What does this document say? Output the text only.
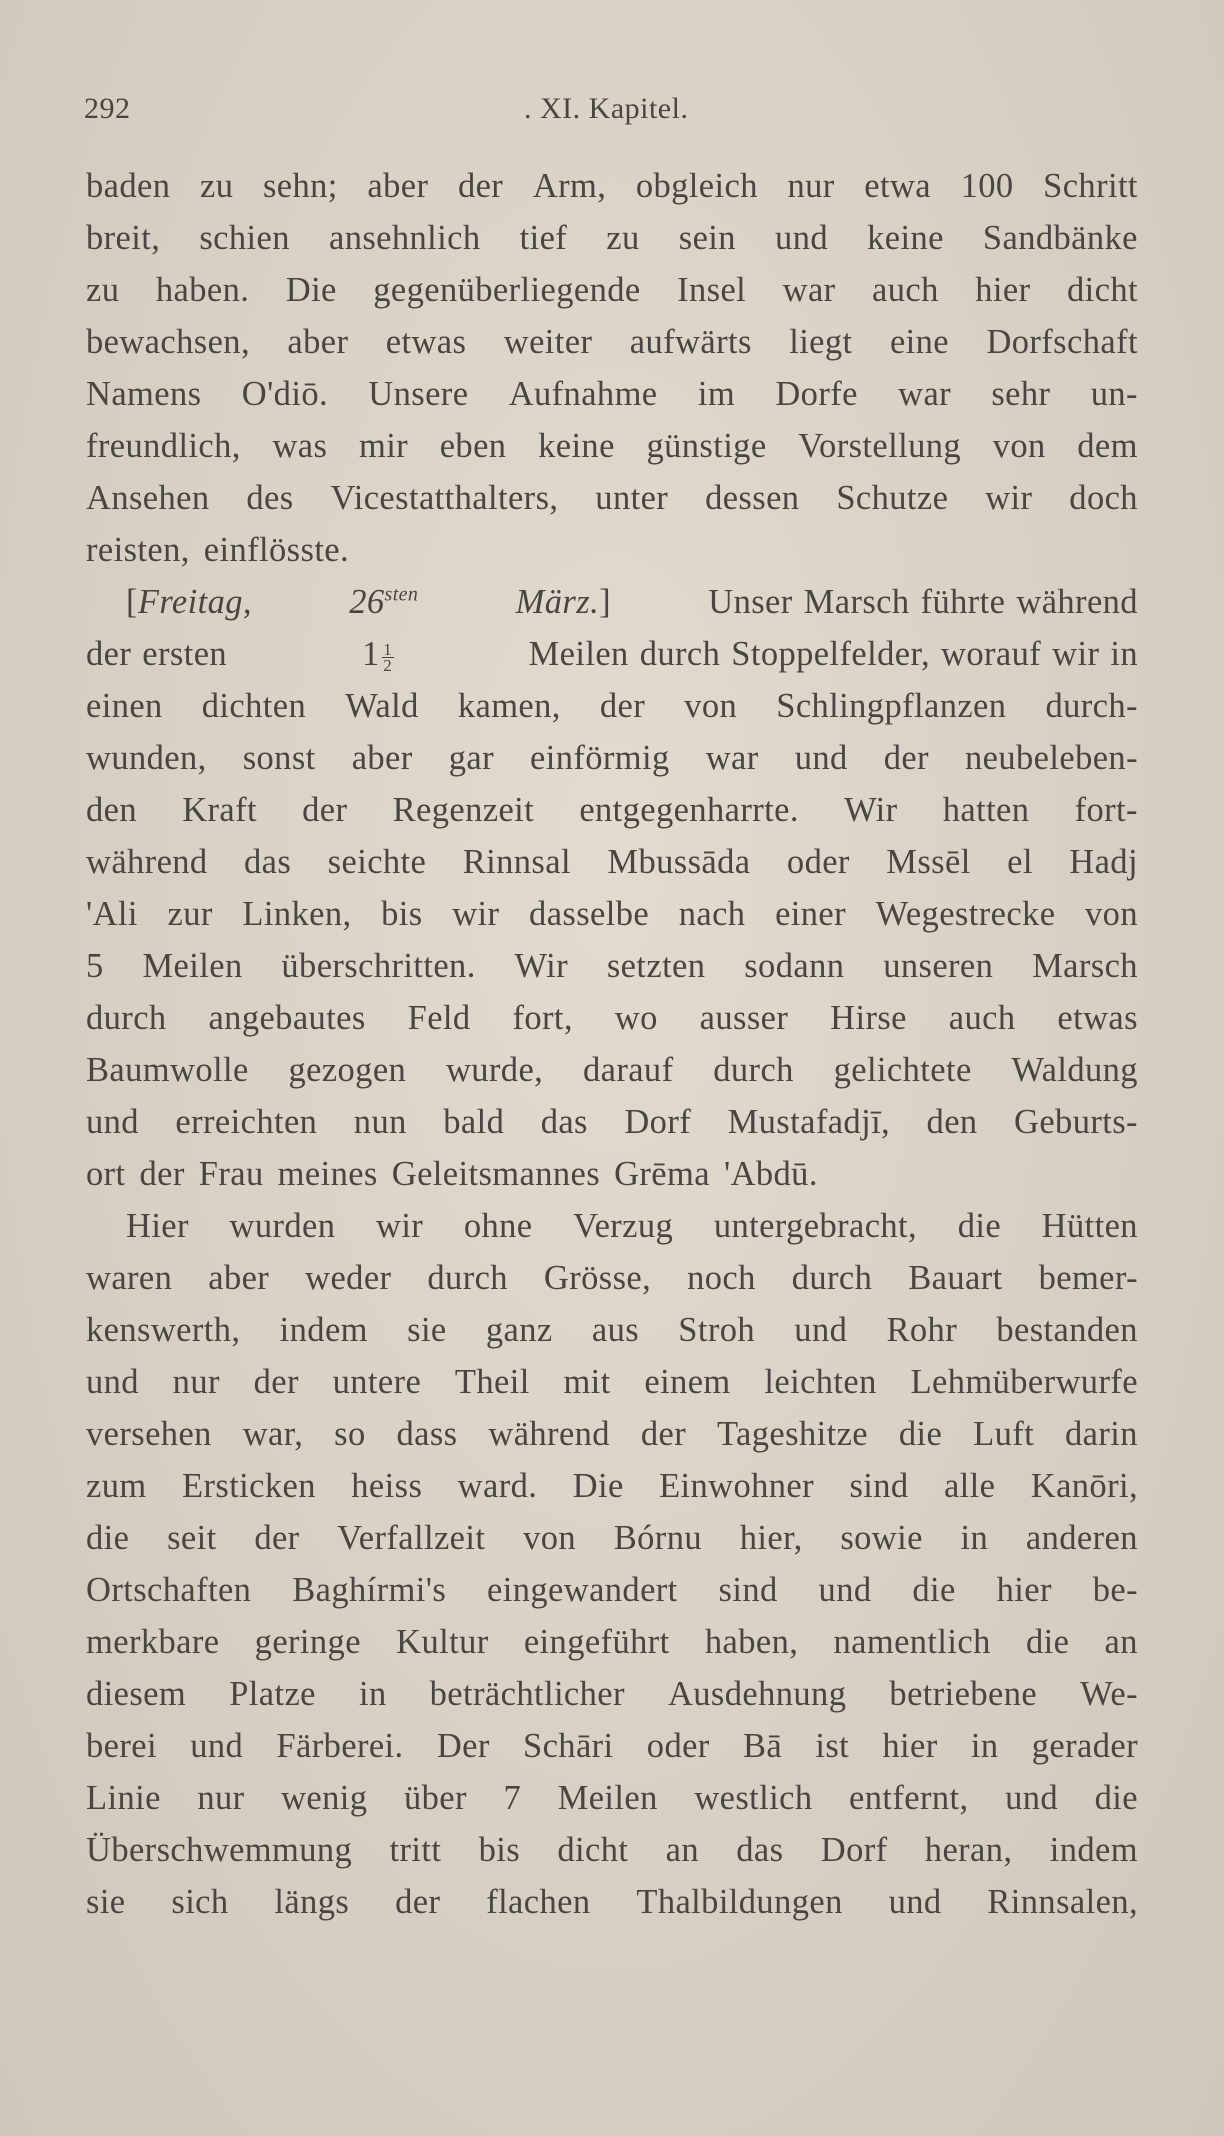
292	. XI. Kapitel.
baden zu sehn; aber der Arm, obgleich nur etwa 100 Schritt
breit, schien ansehnlich tief zu sein und keine Sandbänke
zu haben. Die gegenüberliegende Insel war auch hier dicht
bewachsen, aber etwas weiter aufwärts liegt eine Dorfschaft
Namens O'diō. Unsere Aufnahme im Dorfe war sehr un-
freundlich, was mir eben keine günstige Vorstellung von dem
Ansehen des Vicestatthalters, unter dessen Schutze wir doch
reisten, einflösste.
[Freitag,	$26^{sten}$	März.]	Unser Marsch führte während
der ersten	$1 \frac{1}{2}$	Meilen durch Stoppelfelder, worauf wir in
einen dichten Wald kamen, der von Schlingpflanzen durch-
wunden, sonst aber gar einförmig war und der neubeleben-
den Kraft der Regenzeit entgegenharrte. Wir hatten fort-
während das seichte Rinnsal Mbussāda oder Mssēl el Hadj
'Ali zur Linken, bis wir dasselbe nach einer Wegestrecke von
5 Meilen überschritten. Wir setzten sodann unseren Marsch
durch angebautes Feld fort, wo ausser Hirse auch etwas
Baumwolle gezogen wurde, darauf durch gelichtete Waldung
und erreichten nun bald das Dorf Mustafadjī, den Geburts-
ort der Frau meines Geleitsmannes Grēma 'Abdū.
Hier wurden wir ohne Verzug untergebracht, die Hütten
waren aber weder durch Grösse, noch durch Bauart bemer-
kenswerth, indem sie ganz aus Stroh und Rohr bestanden
und nur der untere Theil mit einem leichten Lehmüberwurfe
versehen war, so dass während der Tageshitze die Luft darin
zum Ersticken heiss ward. Die Einwohner sind alle Kanōri,
die seit der Verfallzeit von Bórnu hier, sowie in anderen
Ortschaften Baghírmi's eingewandert sind und die hier be-
merkbare geringe Kultur eingeführt haben, namentlich die an
diesem Platze in beträchtlicher Ausdehnung betriebene We-
berei und Färberei. Der Schāri oder Bā ist hier in gerader
Linie nur wenig über 7 Meilen westlich entfernt, und die
Überschwemmung tritt bis dicht an das Dorf heran, indem
sie sich längs der flachen Thalbildungen und Rinnsalen,
